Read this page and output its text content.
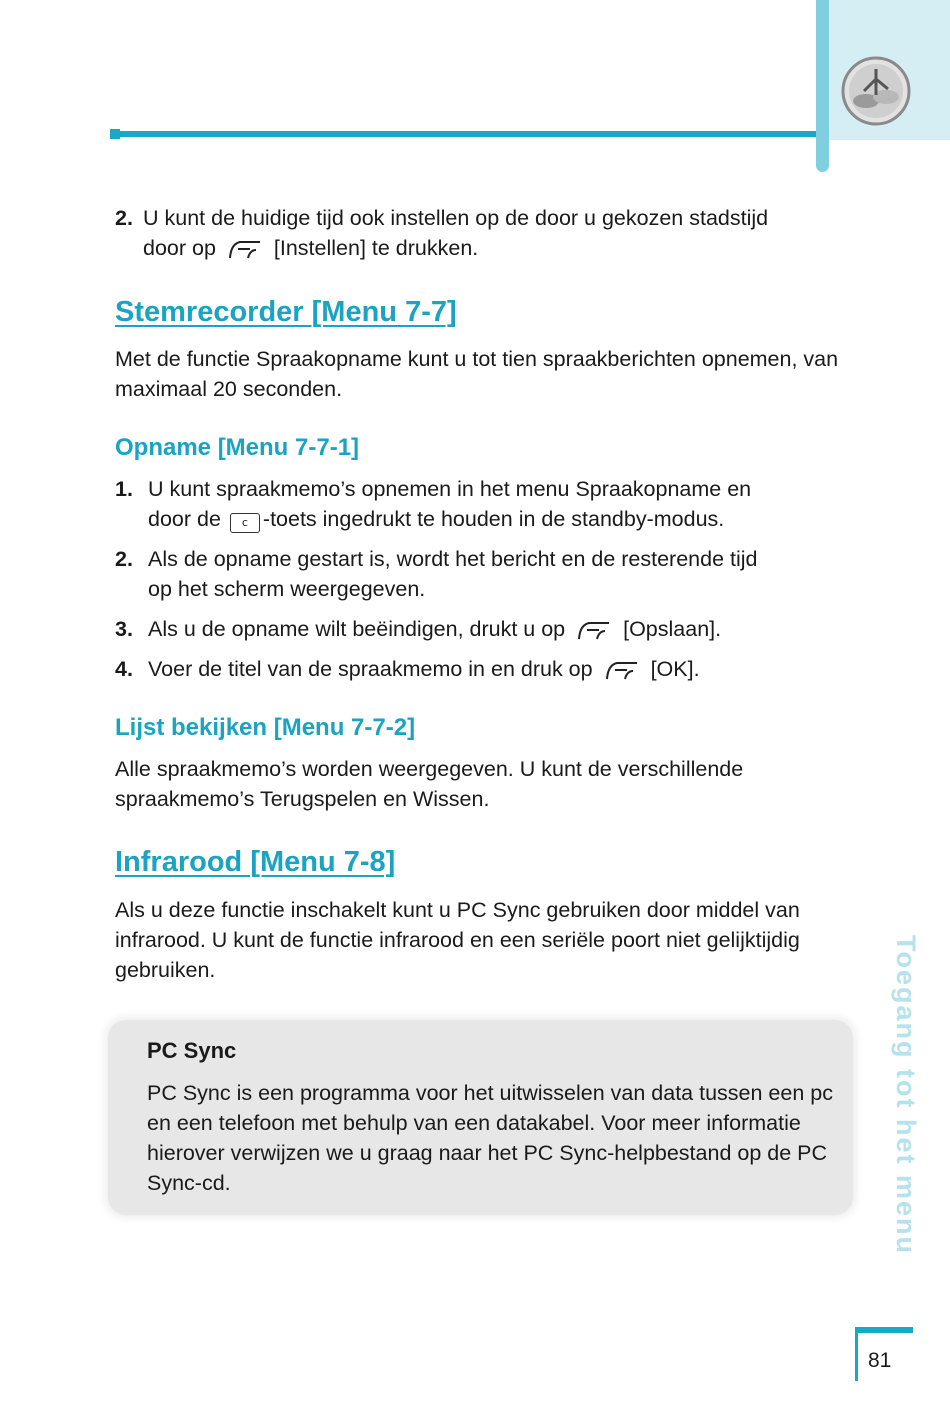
2. U kunt de huidige tijd ook instellen op de door u gekozen stadstijd
door op	[Instellen] te drukken.
Stemrecorder [Menu 7-7]

Met de functie Spraakopname kunt u tot tien spraakberichten opnemen, van maximaal 20 seconden.

Opname [Menu 7-7-1]
1. U kunt spraakmemo’s opnemen in het menu Spraakopname en
door de c -toets ingedrukt te houden in de standby-modus.
2. Als de opname gestart is, wordt het bericht en de resterende tijd
op het scherm weergegeven.
3. Als u de opname wilt beëindigen, drukt u op	[Opslaan].
4. Voer de titel van de spraakmemo in en druk op	[OK].
Lijst bekijken [Menu 7-7-2]

Alle spraakmemo’s worden weergegeven. U kunt de verschillende spraakmemo’s Terugspelen en Wissen.

Infrarood [Menu 7-8]

Als u deze functie inschakelt kunt u PC Sync gebruiken door middel van infrarood. U kunt de functie infrarood en een seriële poort niet gelijktijdig gebruiken.

PC Sync

PC Sync is een programma voor het uitwisselen van data tussen een pc en een telefoon met behulp van een datakabel. Voor meer informatie hierover verwijzen we u graag naar het PC Sync-helpbestand op de PC Sync-cd.	Toegang tot het menu
81
